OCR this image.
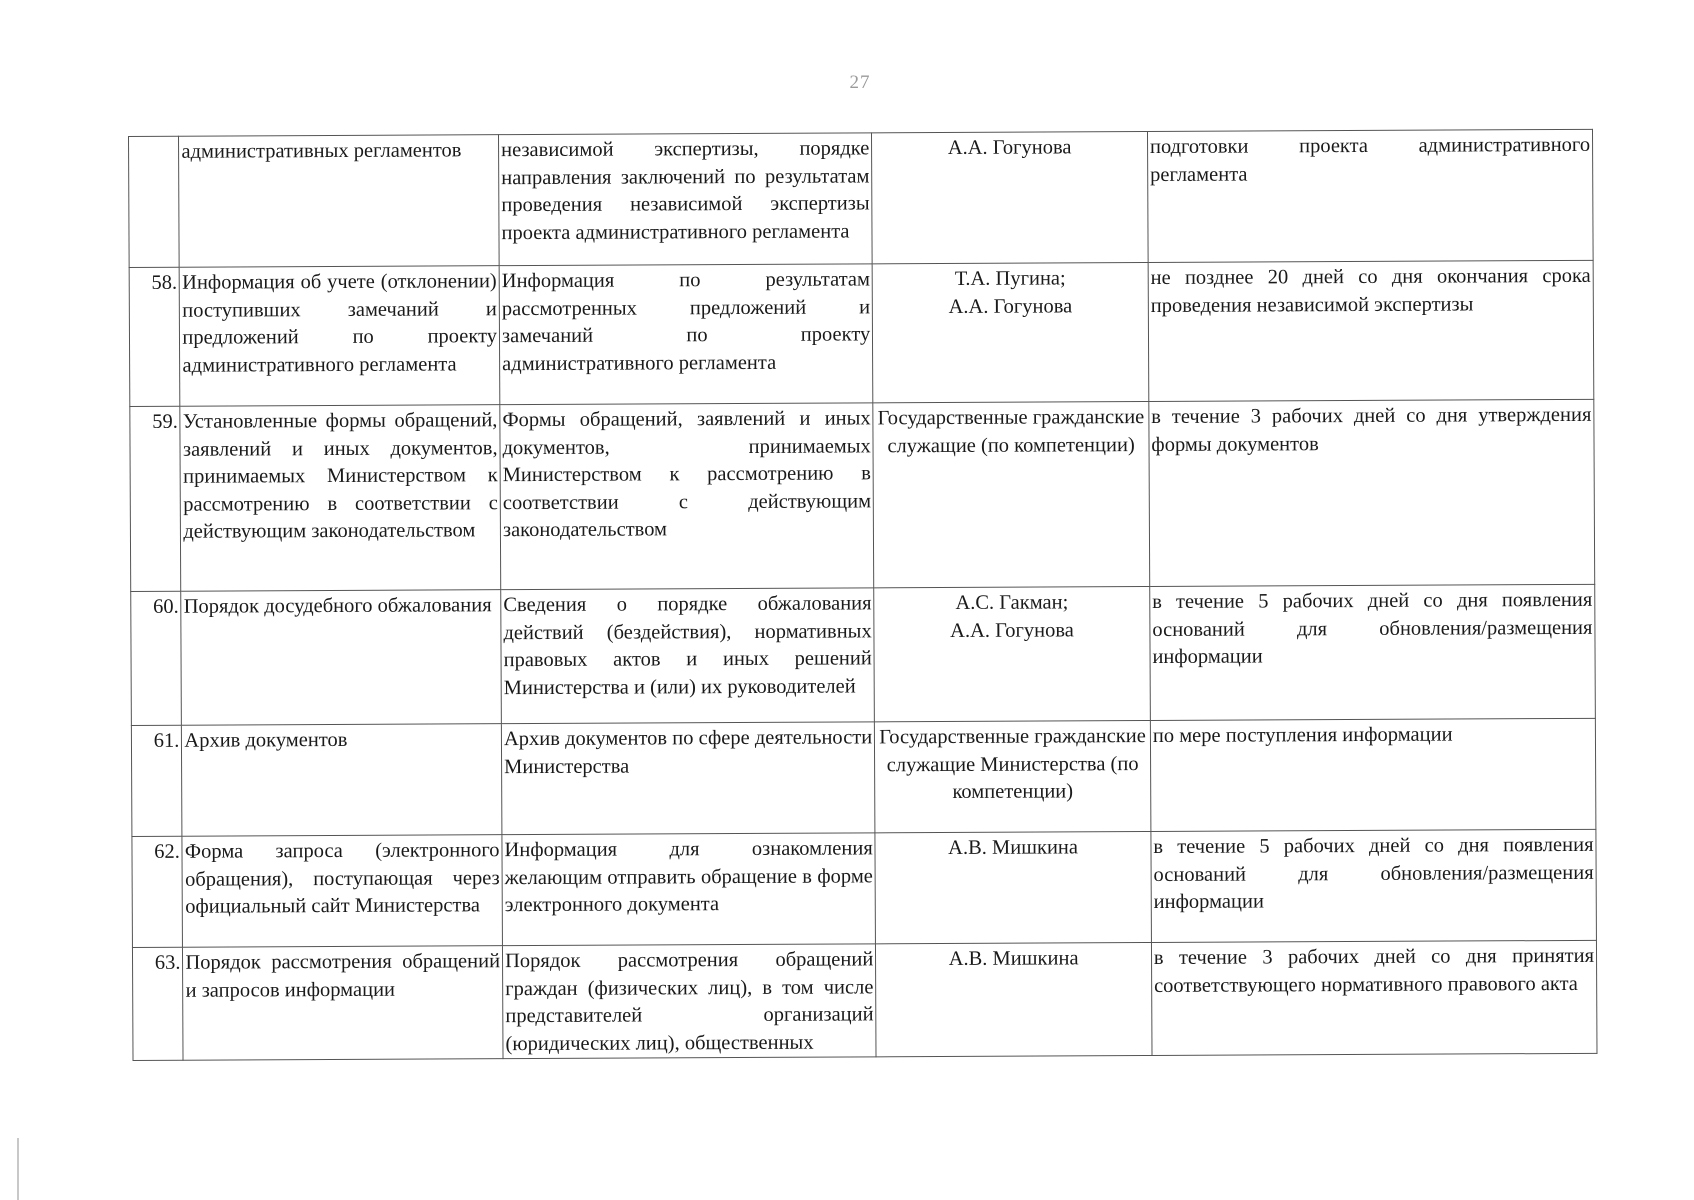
27
	административных регламентов	независимой экспертизы, порядке направления заключений по результатам проведения независимой экспертизы проекта административного регламента	А.А. Гогунова	подготовки проекта административного регламента
58.	Информация об учете (отклонении) поступивших замечаний и предложений по проекту административного регламента	Информация по результатам рассмотренных предложений и замечаний по проекту административного регламента	Т.А. Пугина;
А.А. Гогунова	не позднее 20 дней со дня окончания срока проведения независимой экспертизы
59.	Установленные формы обращений, заявлений и иных документов, принимаемых Министерством к рассмотрению в соответствии с действующим законодательством	Формы обращений, заявлений и иных документов, принимаемых Министерством к рассмотрению в соответствии с действующим законодательством	Государственные гражданские служащие (по компетенции)	в течение 3 рабочих дней со дня утверждения формы документов
60.	Порядок досудебного обжалования	Сведения о порядке обжалования действий (бездействия), нормативных правовых актов и иных решений Министерства и (или) их руководителей	А.С. Гакман;
А.А. Гогунова	в течение 5 рабочих дней со дня появления оснований для обновления/размещения информации
61.	Архив документов	Архив документов по сфере деятельности Министерства	Государственные гражданские служащие Министерства (по компетенции)	по мере поступления информации
62.	Форма запроса (электронного обращения), поступающая через официальный сайт Министерства	Информация для ознакомления желающим отправить обращение в форме электронного документа	А.В. Мишкина	в течение 5 рабочих дней со дня появления оснований для обновления/размещения информации
63.	Порядок рассмотрения обращений и запросов информации	Порядок рассмотрения обращений граждан (физических лиц), в том числе представителей организаций (юридических лиц), общественных	А.В. Мишкина	в течение 3 рабочих дней со дня принятия соответствующего нормативного правового акта
